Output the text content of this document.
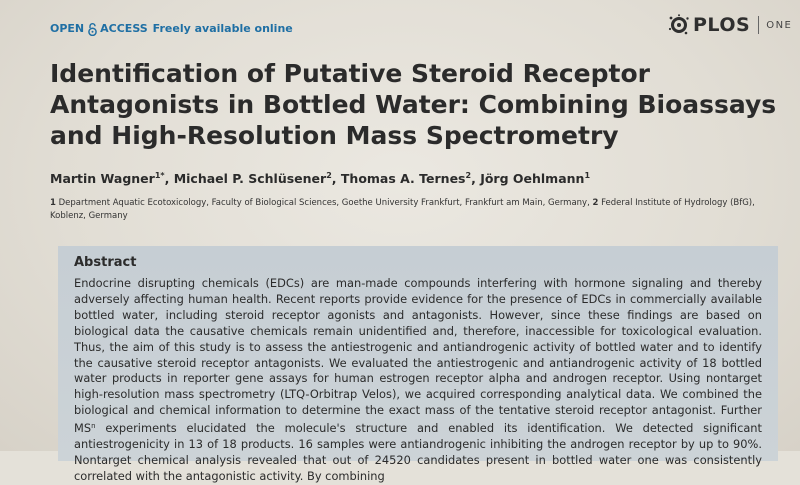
OPEN ACCESS Freely available online	PLOS ONE
Identification of Putative Steroid Receptor Antagonists in Bottled Water: Combining Bioassays and High-Resolution Mass Spectrometry
Martin Wagner$^{1*}$, Michael P. Schlüsener$^2$, Thomas A. Ternes$^2$, Jörg Oehlmann$^1$
1 Department Aquatic Ecotoxicology, Faculty of Biological Sciences, Goethe University Frankfurt, Frankfurt am Main, Germany, 2 Federal Institute of Hydrology (BfG), Koblenz, Germany
Abstract

Endocrine disrupting chemicals (EDCs) are man-made compounds interfering with hormone signaling and thereby adversely affecting human health. Recent reports provide evidence for the presence of EDCs in commercially available bottled water, including steroid receptor agonists and antagonists. However, since these findings are based on biological data the causative chemicals remain unidentified and, therefore, inaccessible for toxicological evaluation. Thus, the aim of this study is to assess the antiestrogenic and antiandrogenic activity of bottled water and to identify the causative steroid receptor antagonists. We evaluated the antiestrogenic and antiandrogenic activity of 18 bottled water products in reporter gene assays for human estrogen receptor alpha and androgen receptor. Using nontarget high-resolution mass spectrometry (LTQ-Orbitrap Velos), we acquired corresponding analytical data. We combined the biological and chemical information to determine the exact mass of the tentative steroid receptor antagonist. Further $MS^n$ experiments elucidated the molecule's structure and enabled its identification. We detected significant antiestrogenicity in 13 of 18 products. 16 samples were antiandrogenic inhibiting the androgen receptor by up to 90%. Nontarget chemical analysis revealed that out of 24520 candidates present in bottled water one was consistently correlated with the antagonistic activity. By combining
